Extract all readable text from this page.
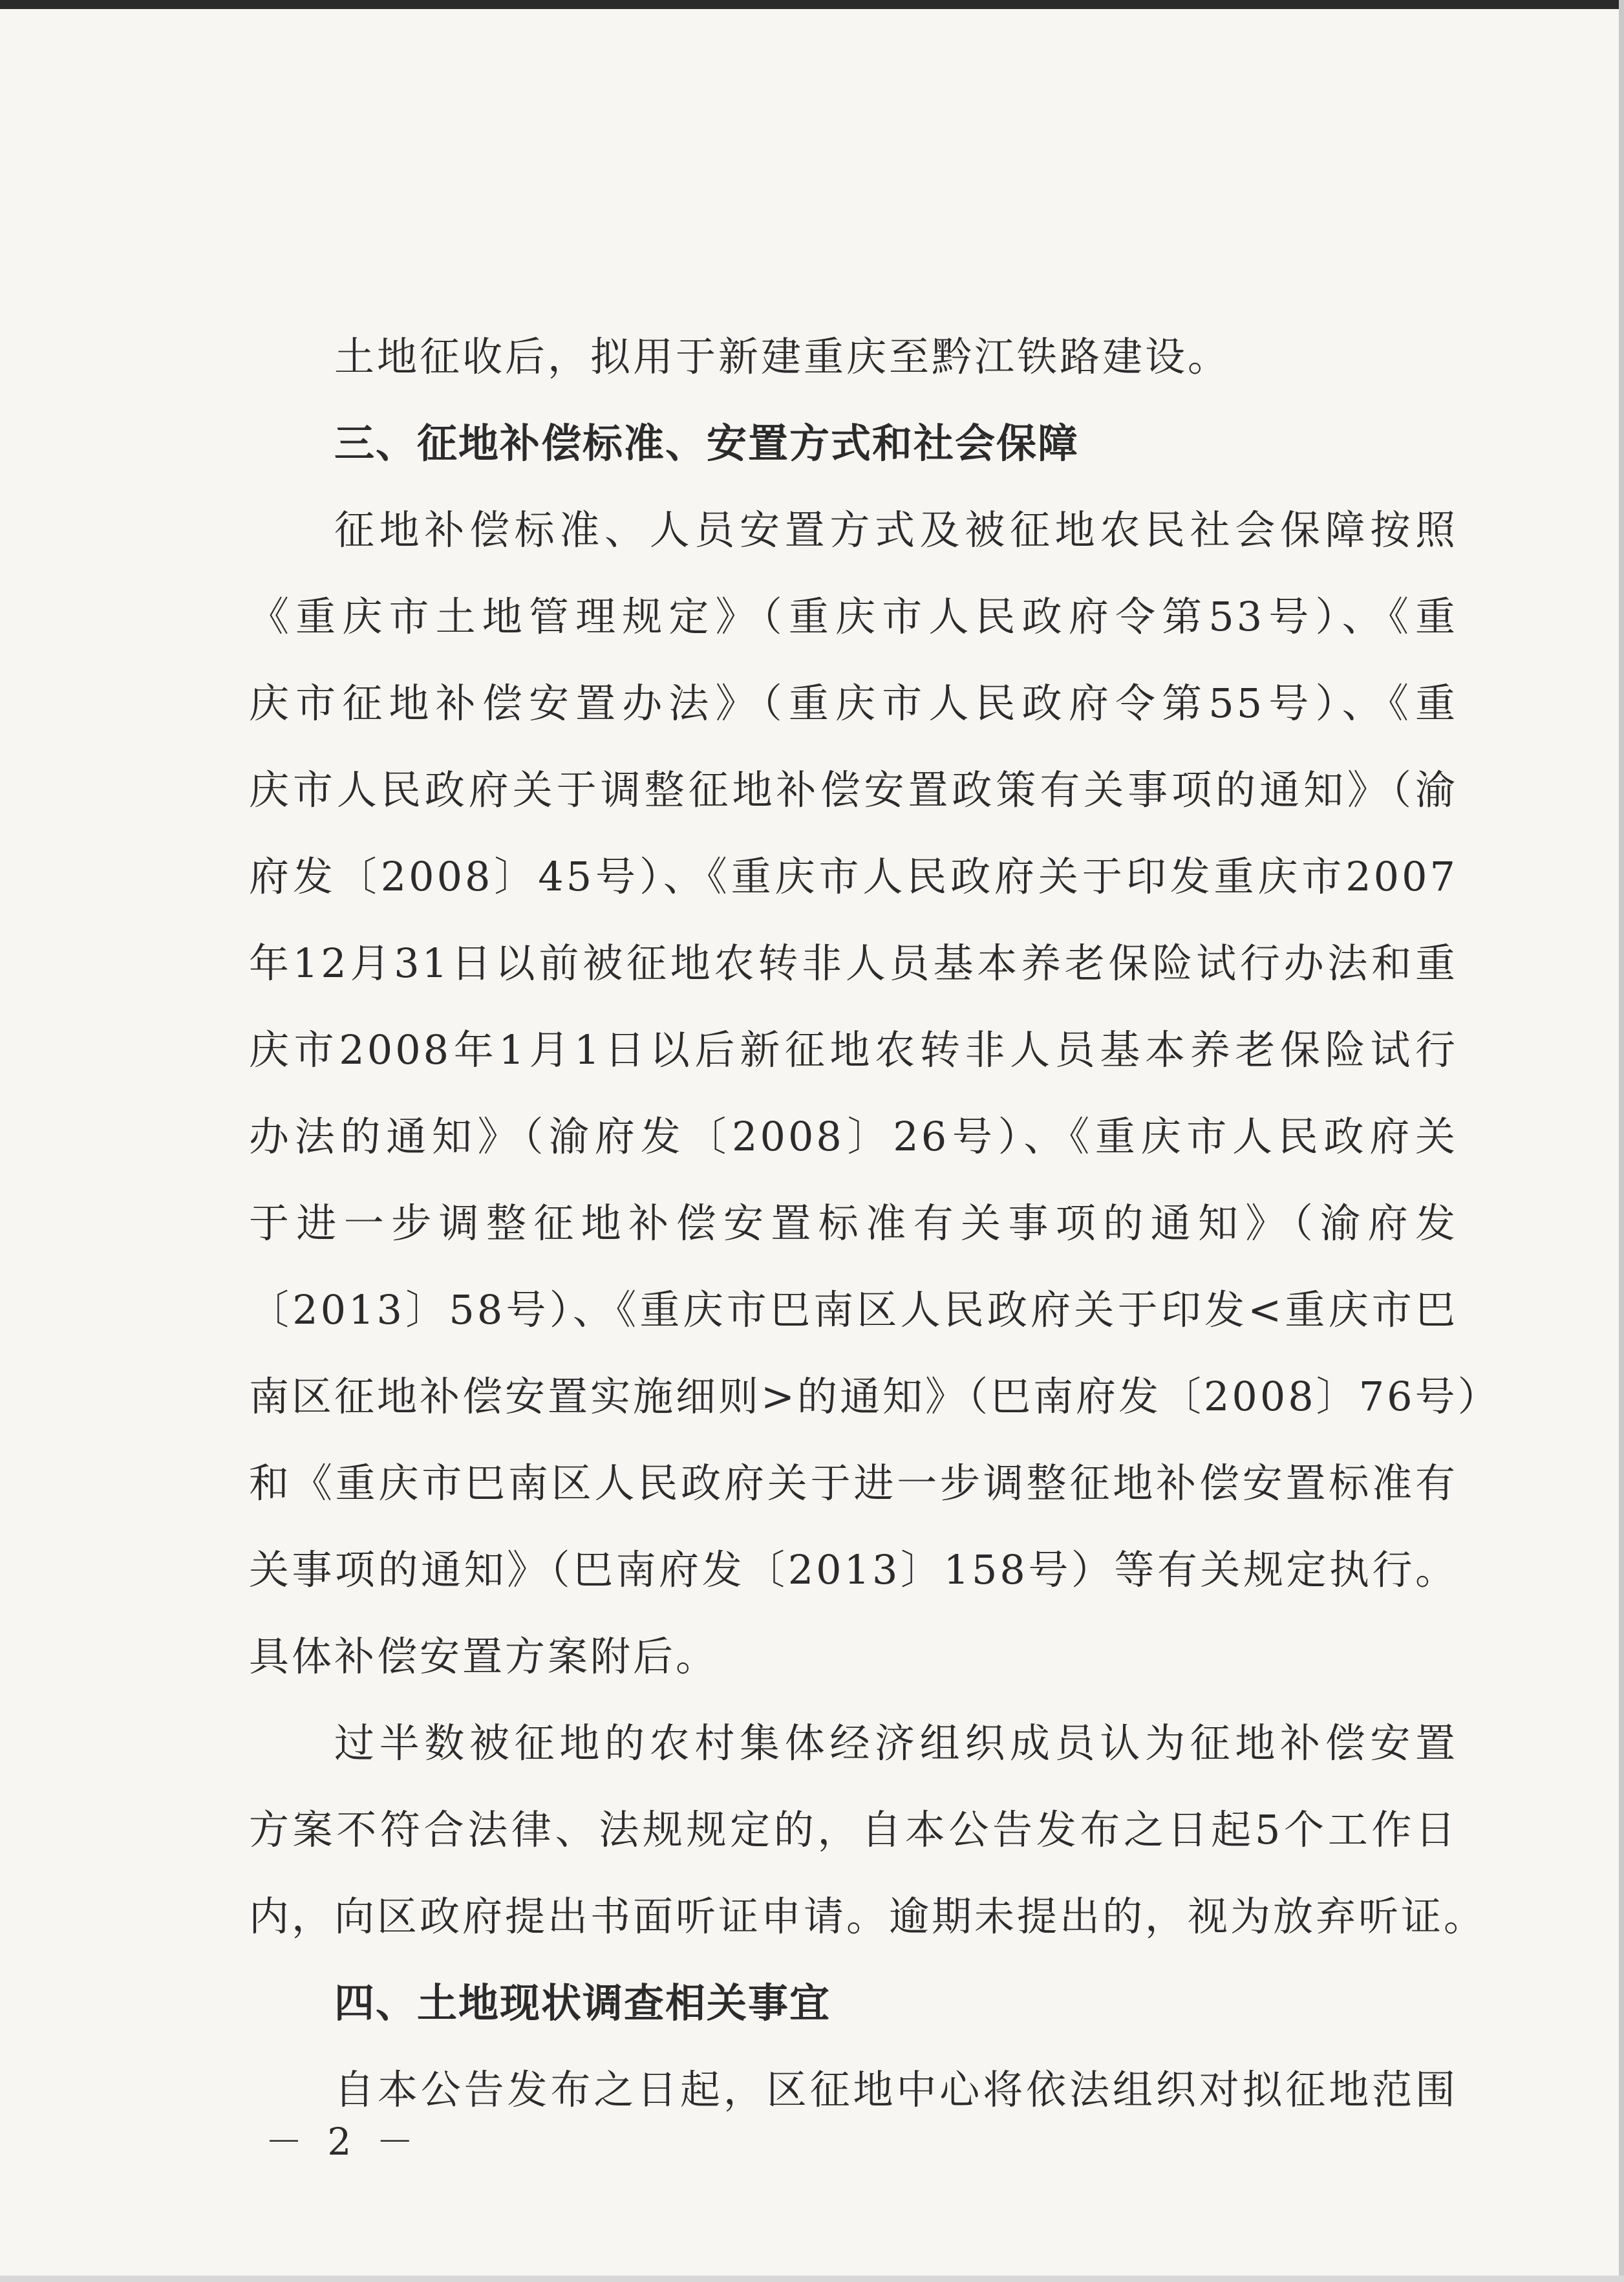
土地征收后，拟用于新建重庆至黔江铁路建设。
三、征地补偿标准、安置方式和社会保障
征地补偿标准、人员安置方式及被征地农民社会保障按照
《重庆市土地管理规定》（重庆市人民政府令第53号）、《重
庆市征地补偿安置办法》（重庆市人民政府令第55号）、《重
庆市人民政府关于调整征地补偿安置政策有关事项的通知》（渝
府发〔2008〕45号）、《重庆市人民政府关于印发重庆市2007
年12月31日以前被征地农转非人员基本养老保险试行办法和重
庆市2008年1月1日以后新征地农转非人员基本养老保险试行
办法的通知》（渝府发〔2008〕26号）、《重庆市人民政府关
于进一步调整征地补偿安置标准有关事项的通知》（渝府发
〔2013〕58号）、《重庆市巴南区人民政府关于印发<重庆市巴
南区征地补偿安置实施细则>的通知》（巴南府发〔2008〕76号）
和《重庆市巴南区人民政府关于进一步调整征地补偿安置标准有
关事项的通知》（巴南府发〔2013〕158号）等有关规定执行。
具体补偿安置方案附后。
过半数被征地的农村集体经济组织成员认为征地补偿安置
方案不符合法律、法规规定的，自本公告发布之日起5个工作日
内，向区政府提出书面听证申请。逾期未提出的，视为放弃听证。
四、土地现状调查相关事宜
自本公告发布之日起，区征地中心将依法组织对拟征地范围
－ 2 －
